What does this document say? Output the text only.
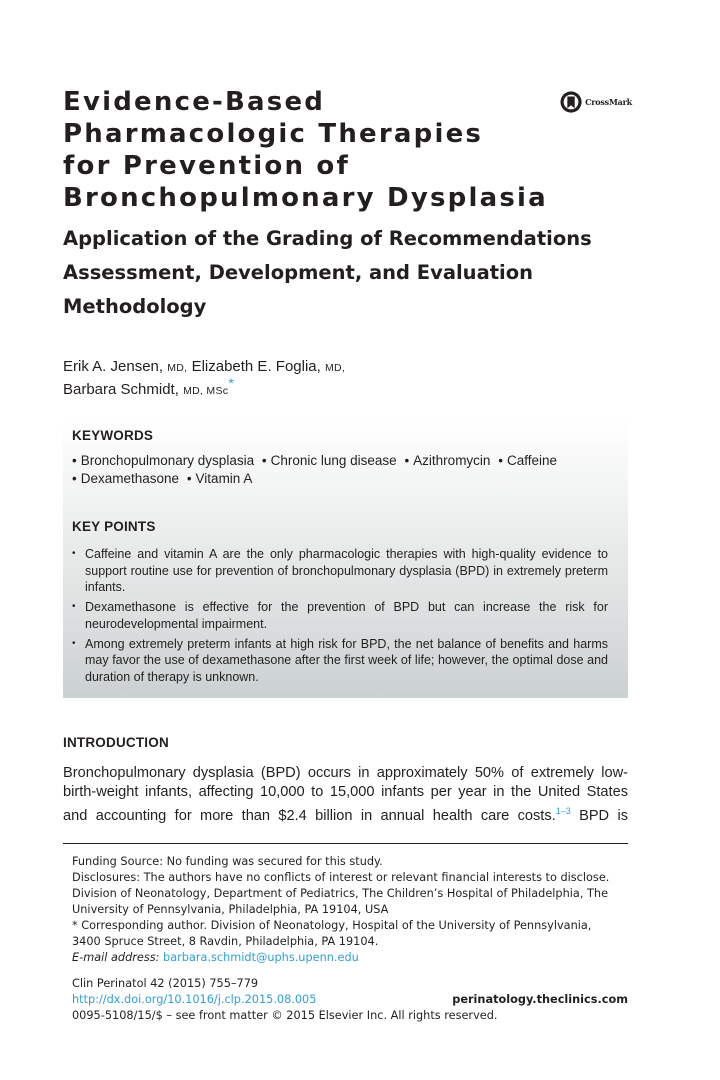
Evidence-Based
Pharmacologic Therapies
for Prevention of
Bronchopulmonary Dysplasia
CrossMark
Application of the Grading of Recommendations
Assessment, Development, and Evaluation
Methodology
Erik A. Jensen, MD, Elizabeth E. Foglia, MD,
Barbara Schmidt, MD, MSc*
KEYWORDS
• Bronchopulmonary dysplasia • Chronic lung disease • Azithromycin • Caffeine
• Dexamethasone • Vitamin A
KEY POINTS
• Caffeine and vitamin A are the only pharmacologic therapies with high-quality evidence to support routine use for prevention of bronchopulmonary dysplasia (BPD) in extremely preterm infants.
• Dexamethasone is effective for the prevention of BPD but can increase the risk for neurodevelopmental impairment.
• Among extremely preterm infants at high risk for BPD, the net balance of benefits and harms may favor the use of dexamethasone after the first week of life; however, the optimal dose and duration of therapy is unknown.
INTRODUCTION
Bronchopulmonary dysplasia (BPD) occurs in approximately 50% of extremely low-
birth-weight infants, affecting 10,000 to 15,000 infants per year in the United States
and accounting for more than $2.4 billion in annual health care costs.$^{1-3}$ BPD is
Funding Source: No funding was secured for this study.
Disclosures: The authors have no conflicts of interest or relevant financial interests to disclose.
Division of Neonatology, Department of Pediatrics, The Children’s Hospital of Philadelphia, The
University of Pennsylvania, Philadelphia, PA 19104, USA
* Corresponding author. Division of Neonatology, Hospital of the University of Pennsylvania,
3400 Spruce Street, 8 Ravdin, Philadelphia, PA 19104.
E-mail address: barbara.schmidt@uphs.upenn.edu
Clin Perinatol 42 (2015) 755–779
http://dx.doi.org/10.1016/j.clp.2015.08.005	perinatology.theclinics.com
0095-5108/15/$ – see front matter © 2015 Elsevier Inc. All rights reserved.
